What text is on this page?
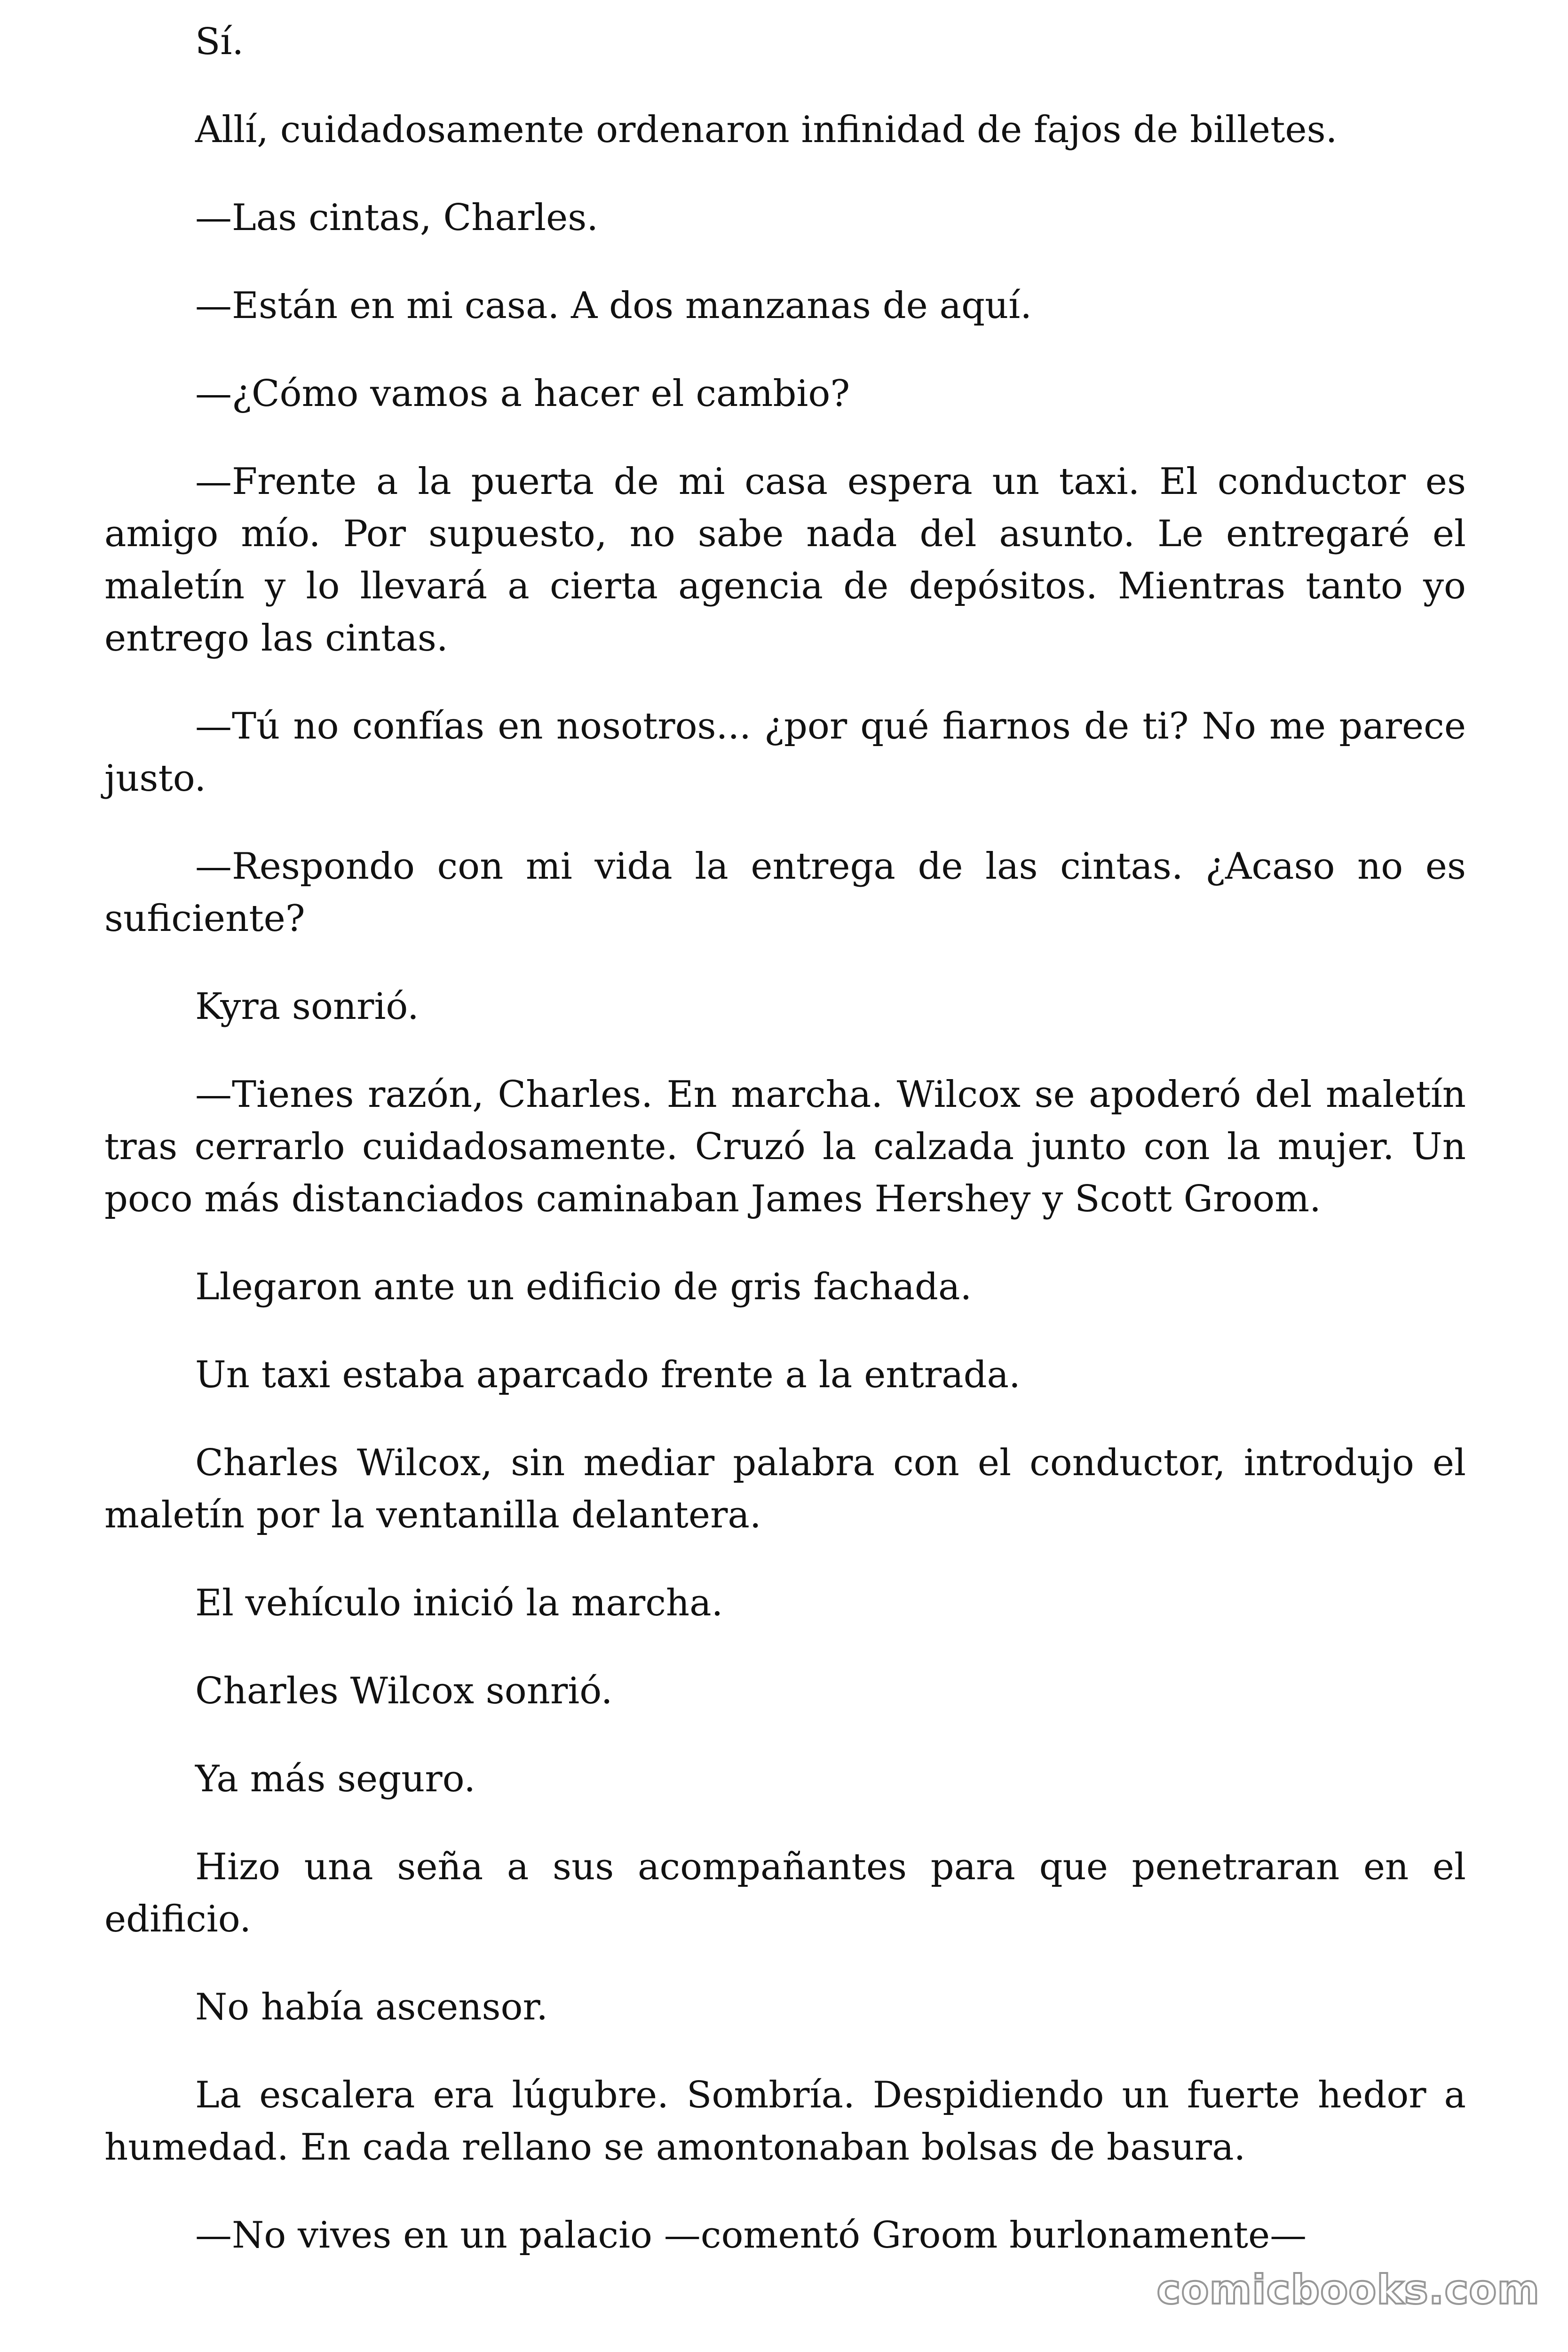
Sí.

Allí, cuidadosamente ordenaron infinidad de fajos de billetes.

—Las cintas, Charles.

—Están en mi casa. A dos manzanas de aquí.

—¿Cómo vamos a hacer el cambio?

—Frente a la puerta de mi casa espera un taxi. El conductor es amigo mío. Por supuesto, no sabe nada del asunto. Le entregaré el maletín y lo llevará a cierta agencia de depósitos. Mientras tanto yo entrego las cintas.

—Tú no confías en nosotros... ¿por qué fiarnos de ti? No me parece justo.

—Respondo con mi vida la entrega de las cintas. ¿Acaso no es suficiente?

Kyra sonrió.

—Tienes razón, Charles. En marcha. Wilcox se apoderó del maletín tras cerrarlo cuidadosamente. Cruzó la calzada junto con la mujer. Un poco más distanciados caminaban James Hershey y Scott Groom.

Llegaron ante un edificio de gris fachada.

Un taxi estaba aparcado frente a la entrada.

Charles Wilcox, sin mediar palabra con el conductor, introdujo el maletín por la ventanilla delantera.

El vehículo inició la marcha.

Charles Wilcox sonrió.

Ya más seguro.

Hizo una seña a sus acompañantes para que penetraran en el edificio.

No había ascensor.

La escalera era lúgubre. Sombría. Despidiendo un fuerte hedor a humedad. En cada rellano se amontonaban bolsas de basura.

—No vives en un palacio —comentó Groom burlonamente—

comicbooks.com
